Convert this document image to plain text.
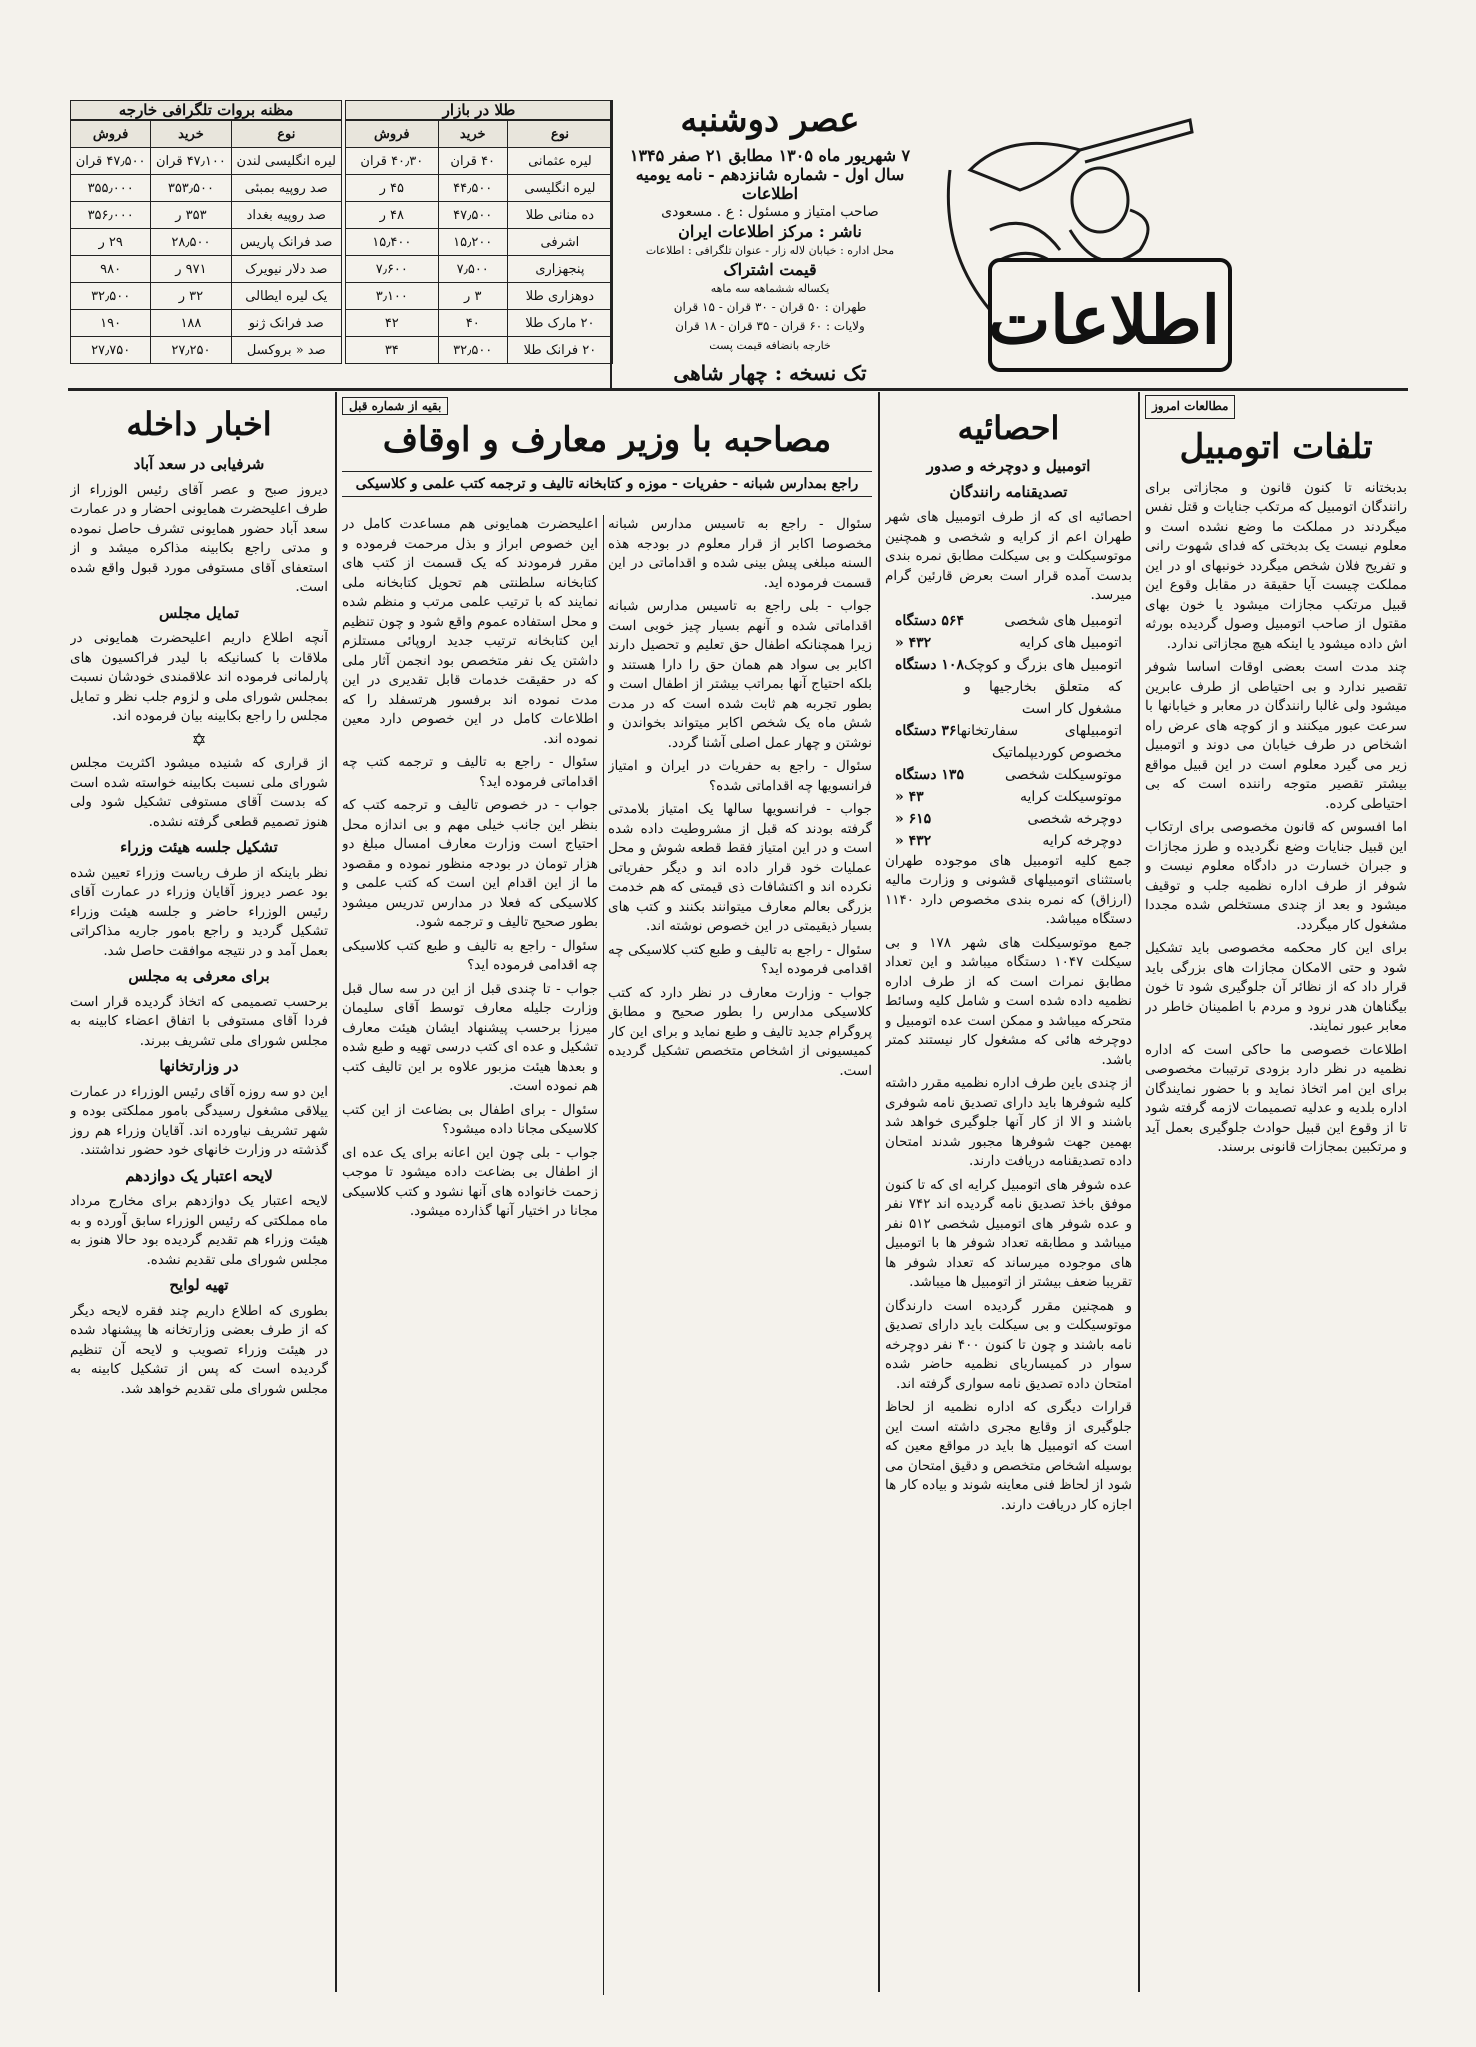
اطلاعات
عصر دوشنبه
۷ شهریور ماه ۱۳۰۵ مطابق ۲۱ صفر ۱۳۴۵
سال اول - شماره شانزدهم - نامه یومیه اطلاعات
صاحب امتیاز و مسئول : ع . مسعودی
ناشر : مرکز اطلاعات ایران
محل اداره : خیابان لاله زار - عنوان تلگرافی : اطلاعات
قیمت اشتراک
یکساله ششماهه سه ماهه
طهران : ۵۰ قران - ۳۰ قران - ۱۵ قران
ولایات : ۶۰ قران - ۳۵ قران - ۱۸ قران
خارجه بانضافه قیمت پست
تک نسخه : چهار شاهی
طلا در بازار
نوع	خرید	فروش
لیره عثمانی	۴۰ قران	۴۰٫۳۰ قران
لیره انگلیسی	۴۴٫۵۰۰	۴۵ ر
ده منانی طلا	۴۷٫۵۰۰	۴۸ ر
اشرفی	۱۵٫۲۰۰	۱۵٫۴۰۰
پنجهزاری	۷٫۵۰۰	۷٫۶۰۰
دوهزاری طلا	۳ ر	۳٫۱۰۰
۲۰ مارک طلا	۴۰	۴۲
۲۰ فرانک طلا	۳۲٫۵۰۰	۳۴
مظنه بروات تلگرافی خارجه
نوع	خرید	فروش
لیره انگلیسی لندن	۴۷٫۱۰۰ قران	۴۷٫۵۰۰ قران
صد روپیه بمبئی	۳۵۳٫۵۰۰	۳۵۵٫۰۰۰
صد روپیه بغداد	۳۵۳ ر	۳۵۶٫۰۰۰
صد فرانک پاریس	۲۸٫۵۰۰	۲۹ ر
صد دلار نیویرک	۹۷۱ ر	۹۸۰
یک لیره ایطالی	۳۲ ر	۳۲٫۵۰۰
صد فرانک ژنو	۱۸۸	۱۹۰
صد « بروکسل	۲۷٫۲۵۰	۲۷٫۷۵۰
مطالعات امروز
تلفات اتومبیل

بدبختانه تا کنون قانون و مجازاتی برای رانندگان اتومبیل که مرتکب جنایات و قتل نفس میگردند در مملکت ما وضع نشده است و معلوم نیست یک بدبختی که فدای شهوت رانی و تفریح فلان شخص میگردد خونبهای او در این مملکت چیست آیا حقیقة در مقابل وقوع این قبیل مرتکب مجازات میشود یا خون بهای مقتول از صاحب اتومبیل وصول گردیده بورثه اش داده میشود یا اینکه هیچ مجازاتی ندارد.

چند مدت است بعضی اوقات اساسا شوفر تقصیر ندارد و بی احتیاطی از طرف عابرین میشود ولی غالبا رانندگان در معابر و خیابانها با سرعت عبور میکنند و از کوچه های عرض راه اشخاص در طرف خیابان می دوند و اتومبیل زیر می گیرد معلوم است در این قبیل مواقع بیشتر تقصیر متوجه راننده است که بی احتیاطی کرده.

اما افسوس که قانون مخصوصی برای ارتکاب این قبیل جنایات وضع نگردیده و طرز مجازات و جبران خسارت در دادگاه معلوم نیست و شوفر از طرف اداره نظمیه جلب و توقیف میشود و بعد از چندی مستخلص شده مجددا مشغول کار میگردد.

برای این کار محکمه مخصوصی باید تشکیل شود و حتی الامکان مجازات های بزرگی باید قرار داد که از نظائر آن جلوگیری شود تا خون بیگناهان هدر نرود و مردم با اطمینان خاطر در معابر عبور نمایند.

اطلاعات خصوصی ما حاکی است که اداره نظمیه در نظر دارد بزودی ترتیبات مخصوصی برای این امر اتخاذ نماید و با حضور نمایندگان اداره بلدیه و عدلیه تصمیمات لازمه گرفته شود تا از وقوع این قبیل حوادث جلوگیری بعمل آید و مرتکبین بمجازات قانونی برسند.

احصائیه
اتومبیل و دوچرخه و صدور
تصدیقنامه رانندگان

احصائیه ای که از طرف اتومبیل های شهر طهران اعم از کرایه و شخصی و همچنین موتوسیکلت و بی سیکلت مطابق نمره بندی بدست آمده قرار است بعرض قارئین گرام میرسد.

اتومبیل های شخصی
۵۶۴ دستگاه
اتومبیل های کرایه
۴۳۲ «
اتومبیل های بزرگ و کوچک که متعلق بخارجیها و مشغول کار است
۱۰۸ دستگاه
اتومبیلهای سفارتخانها مخصوص کوردیپلماتیک
۳۶ دستگاه
موتوسیکلت شخصی
۱۳۵ دستگاه
موتوسیکلت کرایه
۴۳ «
دوچرخه شخصی
۶۱۵ «
دوچرخه کرایه
۴۳۲ «

جمع کلیه اتومبیل های موجوده طهران باستثنای اتومبیلهای قشونی و وزارت مالیه (ارزاق) که نمره بندی مخصوص دارد ۱۱۴۰ دستگاه میباشد.

جمع موتوسیکلت های شهر ۱۷۸ و بی سیکلت ۱۰۴۷ دستگاه میباشد و این تعداد مطابق نمرات است که از طرف اداره نظمیه داده شده است و شامل کلیه وسائط متحرکه میباشد و ممکن است عده اتومبیل و دوچرخه هائی که مشغول کار نیستند کمتر باشد.

از چندی باین طرف اداره نظمیه مقرر داشته کلیه شوفرها باید دارای تصدیق نامه شوفری باشند و الا از کار آنها جلوگیری خواهد شد بهمین جهت شوفرها مجبور شدند امتحان داده تصدیقنامه دریافت دارند.

عده شوفر های اتومبیل کرایه ای که تا کنون موفق باخذ تصدیق نامه گردیده اند ۷۴۲ نفر و عده شوفر های اتومبیل شخصی ۵۱۲ نفر میباشد و مطابقه تعداد شوفر ها با اتومبیل های موجوده میرساند که تعداد شوفر ها تقریبا ضعف بیشتر از اتومبیل ها میباشد.

و همچنین مقرر گردیده است دارندگان موتوسیکلت و بی سیکلت باید دارای تصدیق نامه باشند و چون تا کنون ۴۰۰ نفر دوچرخه سوار در کمیساریای نظمیه حاضر شده امتحان داده تصدیق نامه سواری گرفته اند.

قرارات دیگری که اداره نظمیه از لحاظ جلوگیری از وقایع مجری داشته است این است که اتومبیل ها باید در مواقع معین که بوسیله اشخاص متخصص و دقیق امتحان می شود از لحاظ فنی معاینه شوند و بیاده کار ها اجازه کار دریافت دارند.

بقیه از شماره قبل
مصاحبه با وزیر معارف و اوقاف
راجع بمدارس شبانه - حفریات - موزه و کتابخانه تالیف و ترجمه کتب علمی و کلاسیکی

سئوال - راجع به تاسیس مدارس شبانه مخصوصا اکابر از قرار معلوم در بودجه هذه السنه مبلغی پیش بینی شده و اقداماتی در این قسمت فرموده اید.

جواب - بلی راجع به تاسیس مدارس شبانه اقداماتی شده و آنهم بسیار چیز خوبی است زیرا همچنانکه اطفال حق تعلیم و تحصیل دارند اکابر بی سواد هم همان حق را دارا هستند و بلکه احتیاج آنها بمراتب بیشتر از اطفال است و بطور تجربه هم ثابت شده است که در مدت شش ماه یک شخص اکابر میتواند بخواندن و نوشتن و چهار عمل اصلی آشنا گردد.

سئوال - راجع به حفریات در ایران و امتیاز فرانسویها چه اقداماتی شده؟

جواب - فرانسویها سالها یک امتیاز بلامدتی گرفته بودند که قبل از مشروطیت داده شده است و در این امتیاز فقط قطعه شوش و محل عملیات خود قرار داده اند و دیگر حفریاتی نکرده اند و اکتشافات ذی قیمتی که هم خدمت بزرگی بعالم معارف میتوانند بکنند و کتب های بسیار ذیقیمتی در این خصوص نوشته اند.

سئوال - راجع به تالیف و طبع کتب کلاسیکی چه اقدامی فرموده اید؟

جواب - وزارت معارف در نظر دارد که کتب کلاسیکی مدارس را بطور صحیح و مطابق پروگرام جدید تالیف و طبع نماید و برای این کار کمیسیونی از اشخاص متخصص تشکیل گردیده است.

اعلیحضرت همایونی هم مساعدت کامل در این خصوص ابراز و بذل مرحمت فرموده و مقرر فرمودند که یک قسمت از کتب های کتابخانه سلطنتی هم تحویل کتابخانه ملی نمایند که با ترتیب علمی مرتب و منظم شده و محل استفاده عموم واقع شود و چون تنظیم این کتابخانه ترتیب جدید اروپائی مستلزم داشتن یک نفر متخصص بود انجمن آثار ملی که در حقیقت خدمات قابل تقدیری در این مدت نموده اند برفسور هرتسفلد را که اطلاعات کامل در این خصوص دارد معین نموده اند.

سئوال - راجع به تالیف و ترجمه کتب چه اقداماتی فرموده اید؟

جواب - در خصوص تالیف و ترجمه کتب که بنظر این جانب خیلی مهم و بی اندازه محل احتیاج است وزارت معارف امسال مبلغ دو هزار تومان در بودجه منظور نموده و مقصود ما از این اقدام این است که کتب علمی و کلاسیکی که فعلا در مدارس تدریس میشود بطور صحیح تالیف و ترجمه شود.

سئوال - راجع به تالیف و طبع کتب کلاسیکی چه اقدامی فرموده اید؟

جواب - تا چندی قبل از این در سه سال قبل وزارت جلیله معارف توسط آقای سلیمان میرزا برحسب پیشنهاد ایشان هیئت معارف تشکیل و عده ای کتب درسی تهیه و طبع شده و بعدها هیئت مزبور علاوه بر این تالیف کتب هم نموده است.

سئوال - برای اطفال بی بضاعت از این کتب کلاسیکی مجانا داده میشود؟

جواب - بلی چون این اعانه برای یک عده ای از اطفال بی بضاعت داده میشود تا موجب زحمت خانواده های آنها نشود و کتب کلاسیکی مجانا در اختیار آنها گذارده میشود.

اخبار داخله
شرفیابی در سعد آباد

دیروز صبح و عصر آقای رئیس الوزراء از طرف اعلیحضرت همایونی احضار و در عمارت سعد آباد حضور همایونی تشرف حاصل نموده و مدتی راجع بکابینه مذاکره میشد و از استعفای آقای مستوفی مورد قبول واقع شده است.

تمایل مجلس

آنچه اطلاع داریم اعلیحضرت همایونی در ملاقات با کسانیکه با لیدر فراکسیون های پارلمانی فرموده اند علاقمندی خودشان نسبت بمجلس شورای ملی و لزوم جلب نظر و تمایل مجلس را راجع بکابینه بیان فرموده اند.

✡

از قراری که شنیده میشود اکثریت مجلس شورای ملی نسبت بکابینه خواسته شده است که بدست آقای مستوفی تشکیل شود ولی هنوز تصمیم قطعی گرفته نشده.

تشکیل جلسه هیئت وزراء

نظر باینکه از طرف ریاست وزراء تعیین شده بود عصر دیروز آقایان وزراء در عمارت آقای رئیس الوزراء حاضر و جلسه هیئت وزراء تشکیل گردید و راجع بامور جاریه مذاکراتی بعمل آمد و در نتیجه موافقت حاصل شد.

برای معرفی به مجلس

برحسب تصمیمی که اتخاذ گردیده قرار است فردا آقای مستوفی با اتفاق اعضاء کابینه به مجلس شورای ملی تشریف ببرند.

در وزارتخانها

این دو سه روزه آقای رئیس الوزراء در عمارت ییلاقی مشغول رسیدگی بامور مملکتی بوده و شهر تشریف نیاورده اند. آقایان وزراء هم روز گذشته در وزارت خانهای خود حضور نداشتند.

لایحه اعتبار یک دوازدهم

لایحه اعتبار یک دوازدهم برای مخارج مرداد ماه مملکتی که رئیس الوزراء سابق آورده و به هیئت وزراء هم تقدیم گردیده بود حالا هنوز به مجلس شورای ملی تقدیم نشده.

تهیه لوایح

بطوری که اطلاع داریم چند فقره لایحه دیگر که از طرف بعضی وزارتخانه ها پیشنهاد شده در هیئت وزراء تصویب و لایحه آن تنظیم گردیده است که پس از تشکیل کابینه به مجلس شورای ملی تقدیم خواهد شد.
